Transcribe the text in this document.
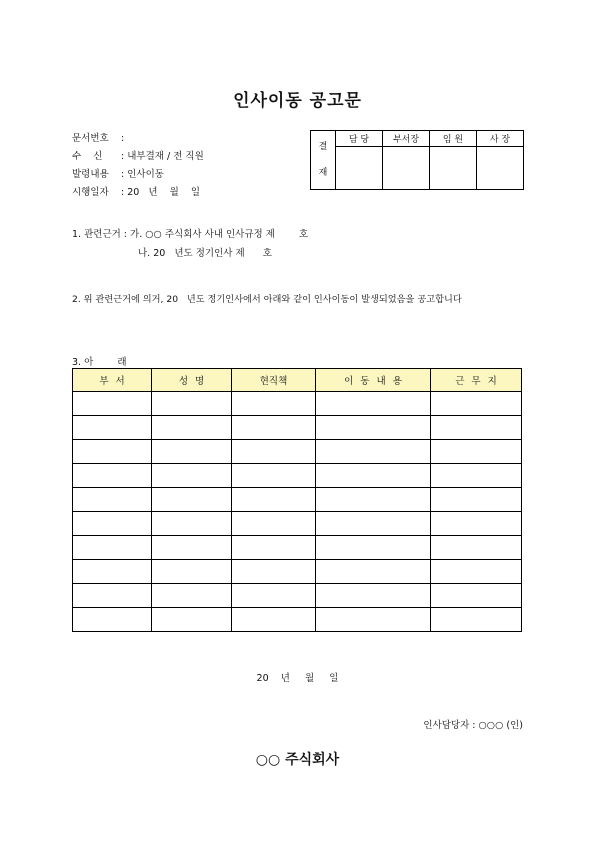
인사이동 공고문
문서번호 :
수    신 : 내부결재 / 전 직원
발령내용 : 인사이동
시행일자 : 20   년    월    일
결
재	담 당	부서장	임 원	사 장

1. 관련근거 : 가. ○○ 주식회사 사내 인사규정 제        호
나. 20   년도 정기인사 제      호
2. 위 관련근거에 의거, 20   년도 정기인사에서 아래와 같이 인사이동이 발생되었음을 공고합니다
3. 아        래
부 서	성 명	현직책	이 동 내 용	근 무 지

20    년     월     일
인사담당자 : ○○○ (인)
○○ 주식회사
